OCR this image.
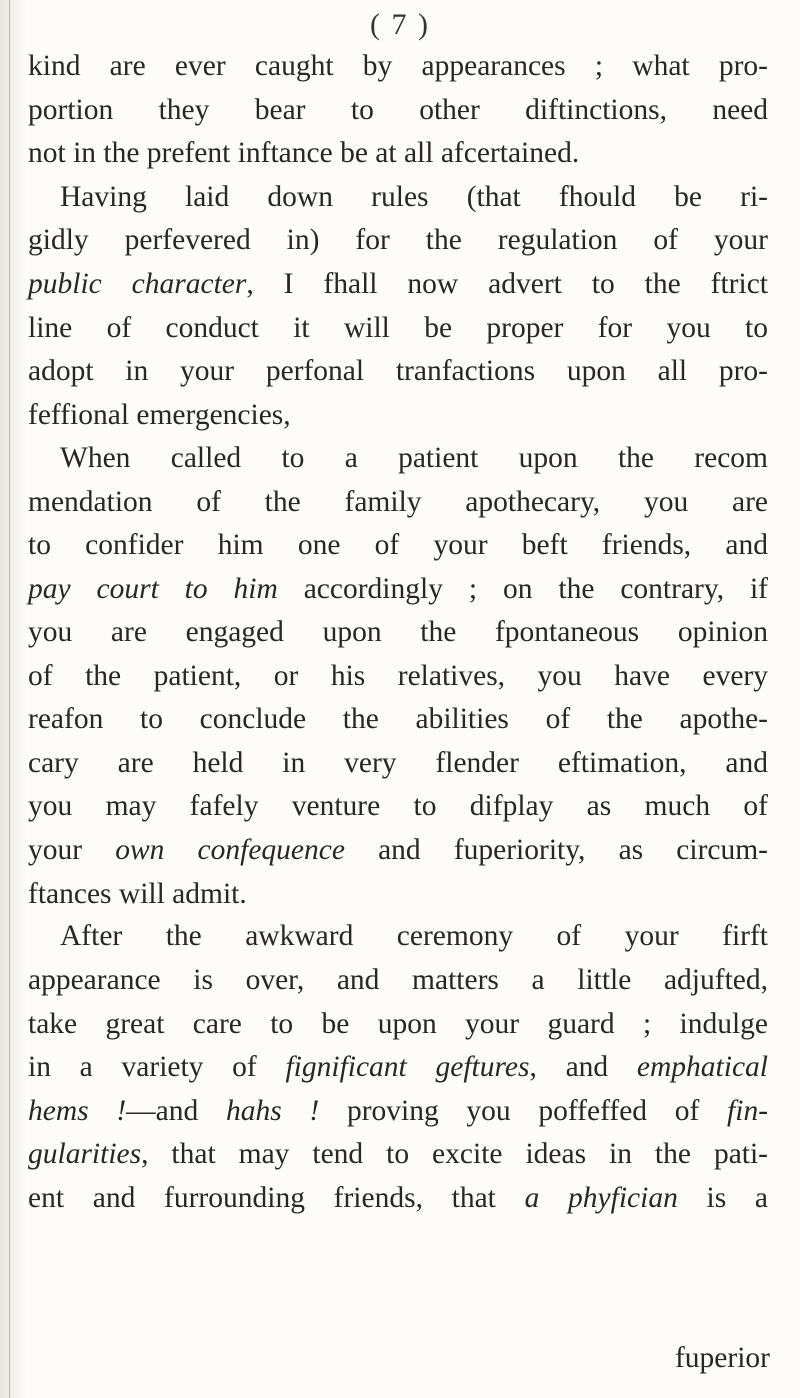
( 7 )
kind are ever caught by appearances ; what pro-
portion they bear to other diftinctions, need
not in the prefent inftance be at all afcertained.
Having laid down rules (that fhould be ri-
gidly perfevered in) for the regulation of your
public character, I fhall now advert to the ftrict
line of conduct it will be proper for you to
adopt in your perfonal tranfactions upon all pro-
feffional emergencies,
When called to a patient upon the recom
mendation of the family apothecary, you are
to confider him one of your beft friends, and
pay court to him accordingly ; on the contrary, if
you are engaged upon the fpontaneous opinion
of the patient, or his relatives, you have every
reafon to conclude the abilities of the apothe-
cary are held in very flender eftimation, and
you may fafely venture to difplay as much of
your own confequence and fuperiority, as circum-
ftances will admit.
After the awkward ceremony of your firft
appearance is over, and matters a little adjufted,
take great care to be upon your guard ; indulge
in a variety of fignificant geftures, and emphatical
hems !—and hahs ! proving you poffeffed of fin-
gularities, that may tend to excite ideas in the pati-
ent and furrounding friends, that a phyfician is a
fuperior
